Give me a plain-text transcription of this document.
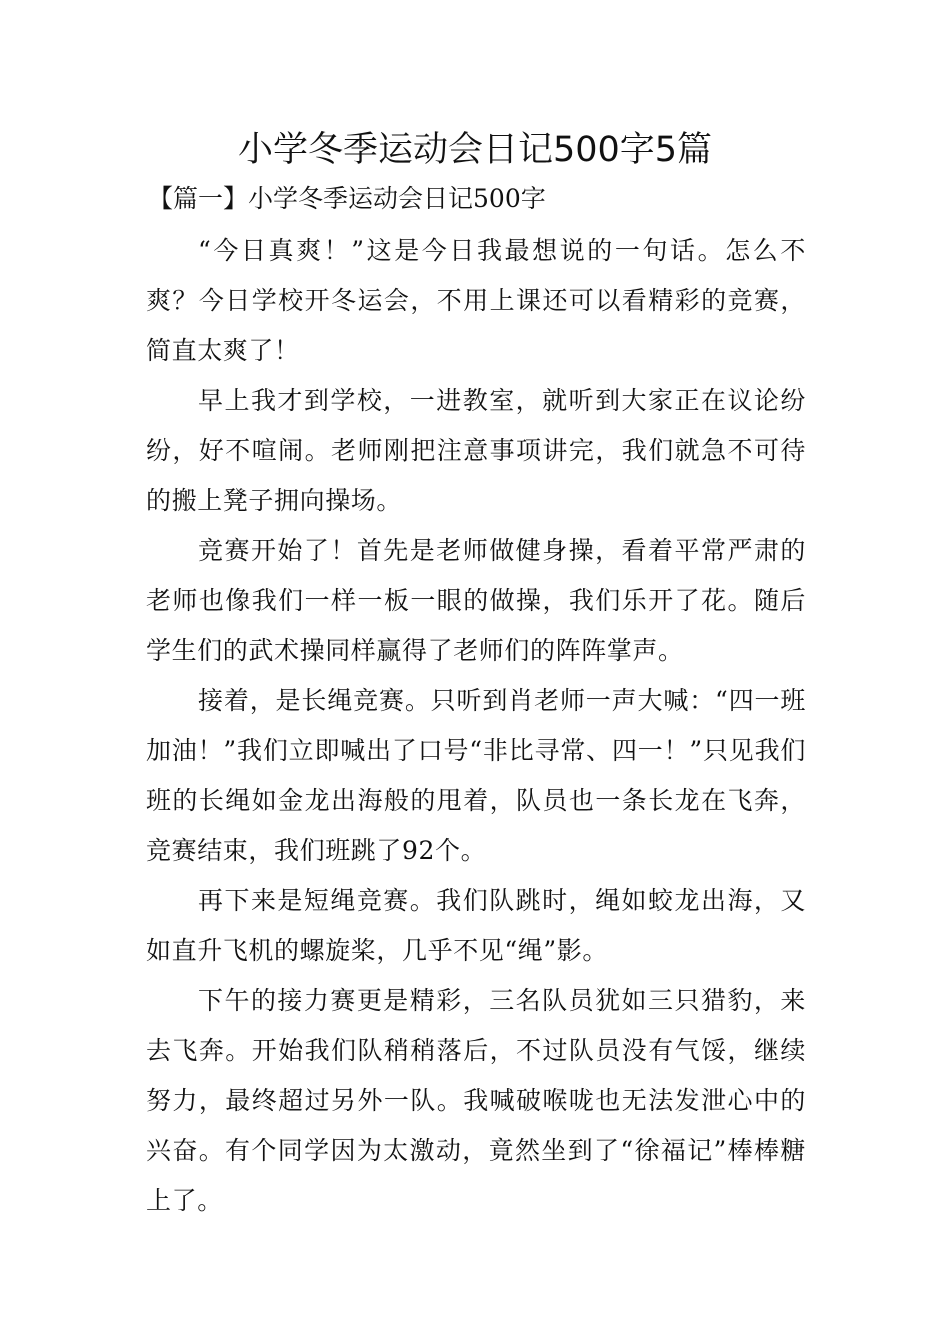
小学冬季运动会日记500字5篇
【篇一】小学冬季运动会日记500字

“今日真爽！”这是今日我最想说的一句话。怎么不爽？今日学校开冬运会，不用上课还可以看精彩的竞赛，简直太爽了！

早上我才到学校，一进教室，就听到大家正在议论纷纷，好不喧闹。老师刚把注意事项讲完，我们就急不可待的搬上凳子拥向操场。

竞赛开始了！首先是老师做健身操，看着平常严肃的老师也像我们一样一板一眼的做操，我们乐开了花。随后学生们的武术操同样赢得了老师们的阵阵掌声。

接着，是长绳竞赛。只听到肖老师一声大喊：“四一班加油！”我们立即喊出了口号“非比寻常、四一！”只见我们班的长绳如金龙出海般的甩着，队员也一条长龙在飞奔，竞赛结束，我们班跳了92个。

再下来是短绳竞赛。我们队跳时，绳如蛟龙出海，又如直升飞机的螺旋桨，几乎不见“绳”影。

下午的接力赛更是精彩，三名队员犹如三只猎豹，来去飞奔。开始我们队稍稍落后，不过队员没有气馁，继续努力，最终超过另外一队。我喊破喉咙也无法发泄心中的兴奋。有个同学因为太激动，竟然坐到了“徐福记”棒棒糖上了。
